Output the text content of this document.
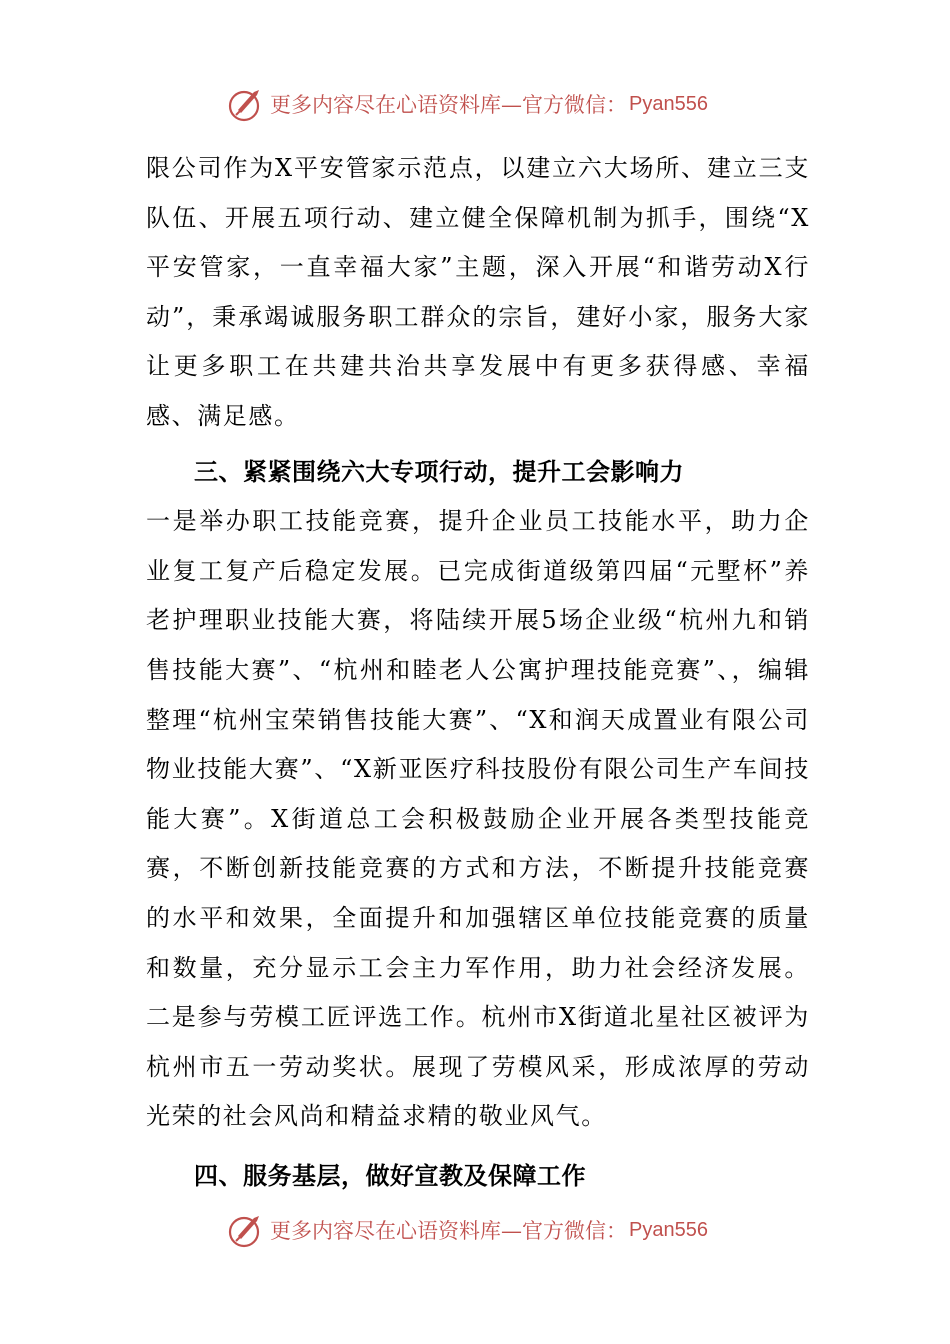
更多内容尽在心语资料库—官方微信： Pyan556

限公司作为X平安管家示范点，以建立六大场所、建立三支队伍、开展五项行动、建立健全保障机制为抓手，围绕“X平安管家，一直幸福大家”主题，深入开展“和谐劳动X行动”，秉承竭诚服务职工群众的宗旨，建好小家，服务大家让更多职工在共建共治共享发展中有更多获得感、幸福感、满足感。

三、紧紧围绕六大专项行动，提升工会影响力

一是举办职工技能竞赛，提升企业员工技能水平，助力企业复工复产后稳定发展。已完成街道级第四届“元墅杯”养老护理职业技能大赛，将陆续开展5场企业级“杭州九和销售技能大赛”、“杭州和睦老人公寓护理技能竞赛”、，编辑整理“杭州宝荣销售技能大赛”、“X和润天成置业有限公司物业技能大赛”、“X新亚医疗科技股份有限公司生产车间技能大赛”。X街道总工会积极鼓励企业开展各类型技能竞赛，不断创新技能竞赛的方式和方法，不断提升技能竞赛的水平和效果，全面提升和加强辖区单位技能竞赛的质量和数量，充分显示工会主力军作用，助力社会经济发展。二是参与劳模工匠评选工作。杭州市X街道北星社区被评为杭州市五一劳动奖状。展现了劳模风采，形成浓厚的劳动光荣的社会风尚和精益求精的敬业风气。

四、服务基层，做好宣教及保障工作
更多内容尽在心语资料库—官方微信： Pyan556
